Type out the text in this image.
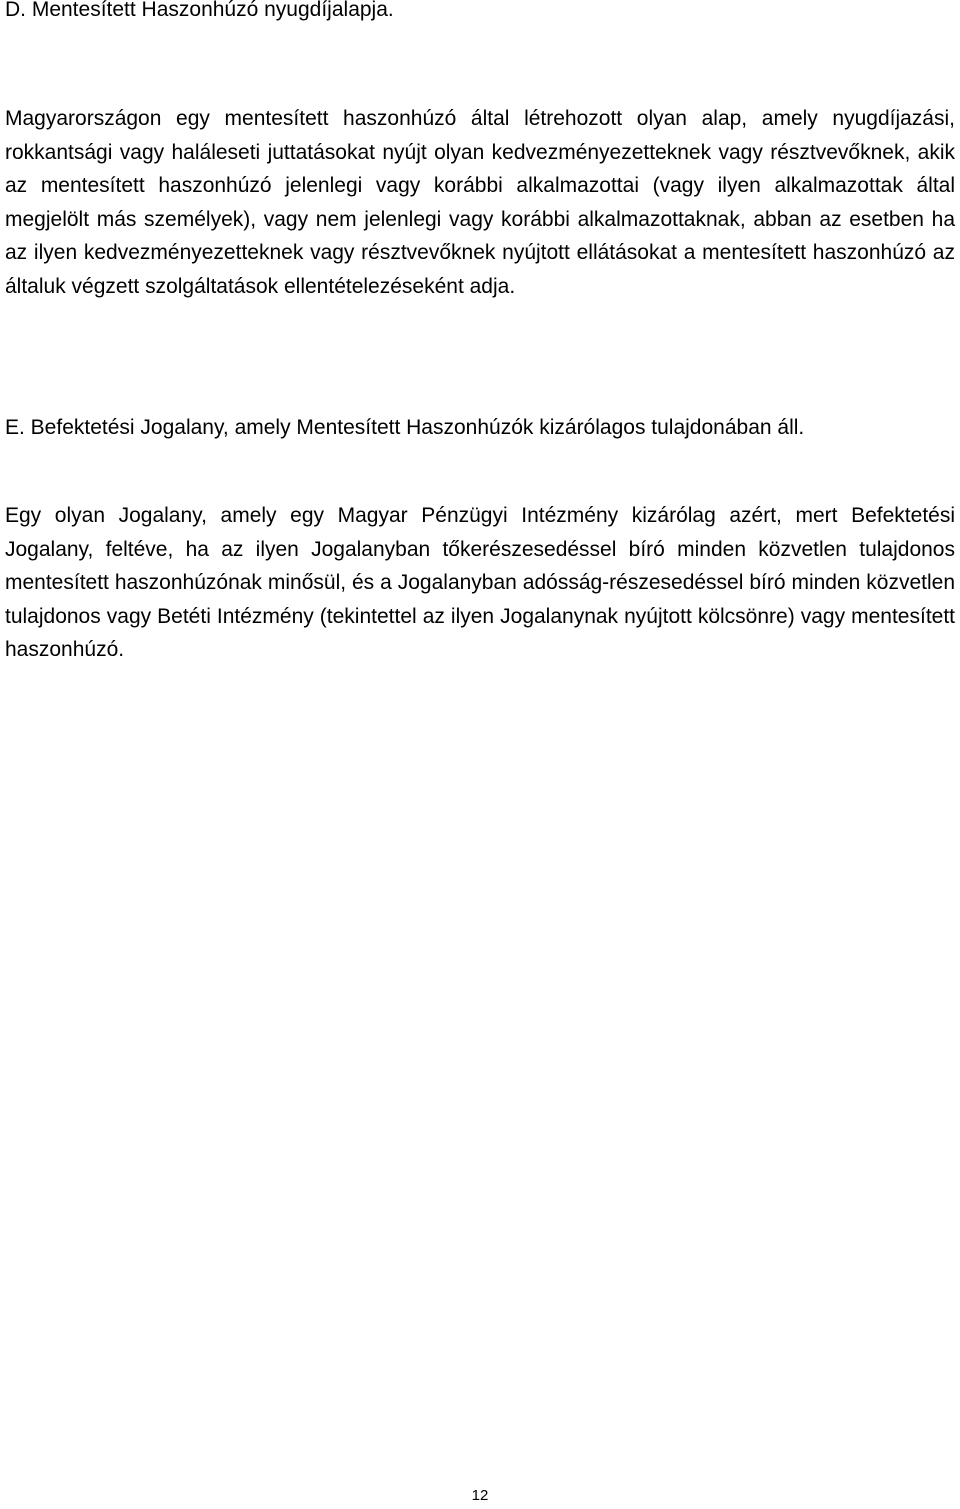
D. Mentesített Haszonhúzó nyugdíjalapja.

Magyarországon egy mentesített haszonhúzó által létrehozott olyan alap, amely nyugdíjazási, rokkantsági vagy haláleseti juttatásokat nyújt olyan kedvezményezetteknek vagy résztvevőknek, akik az mentesített haszonhúzó jelenlegi vagy korábbi alkalmazottai (vagy ilyen alkalmazottak által megjelölt más személyek), vagy nem jelenlegi vagy korábbi alkalmazottaknak, abban az esetben ha az ilyen kedvezményezetteknek vagy résztvevőknek nyújtott ellátásokat a mentesített haszonhúzó az általuk végzett szolgáltatások ellentételezéseként adja.

E. Befektetési Jogalany, amely Mentesített Haszonhúzók kizárólagos tulajdonában áll.

Egy olyan Jogalany, amely egy Magyar Pénzügyi Intézmény kizárólag azért, mert Befektetési Jogalany, feltéve, ha az ilyen Jogalanyban tőkerészesedéssel bíró minden közvetlen tulajdonos mentesített haszonhúzónak minősül, és a Jogalanyban adósság-részesedéssel bíró minden közvetlen tulajdonos vagy Betéti Intézmény (tekintettel az ilyen Jogalanynak nyújtott kölcsönre) vagy mentesített haszonhúzó.

12
